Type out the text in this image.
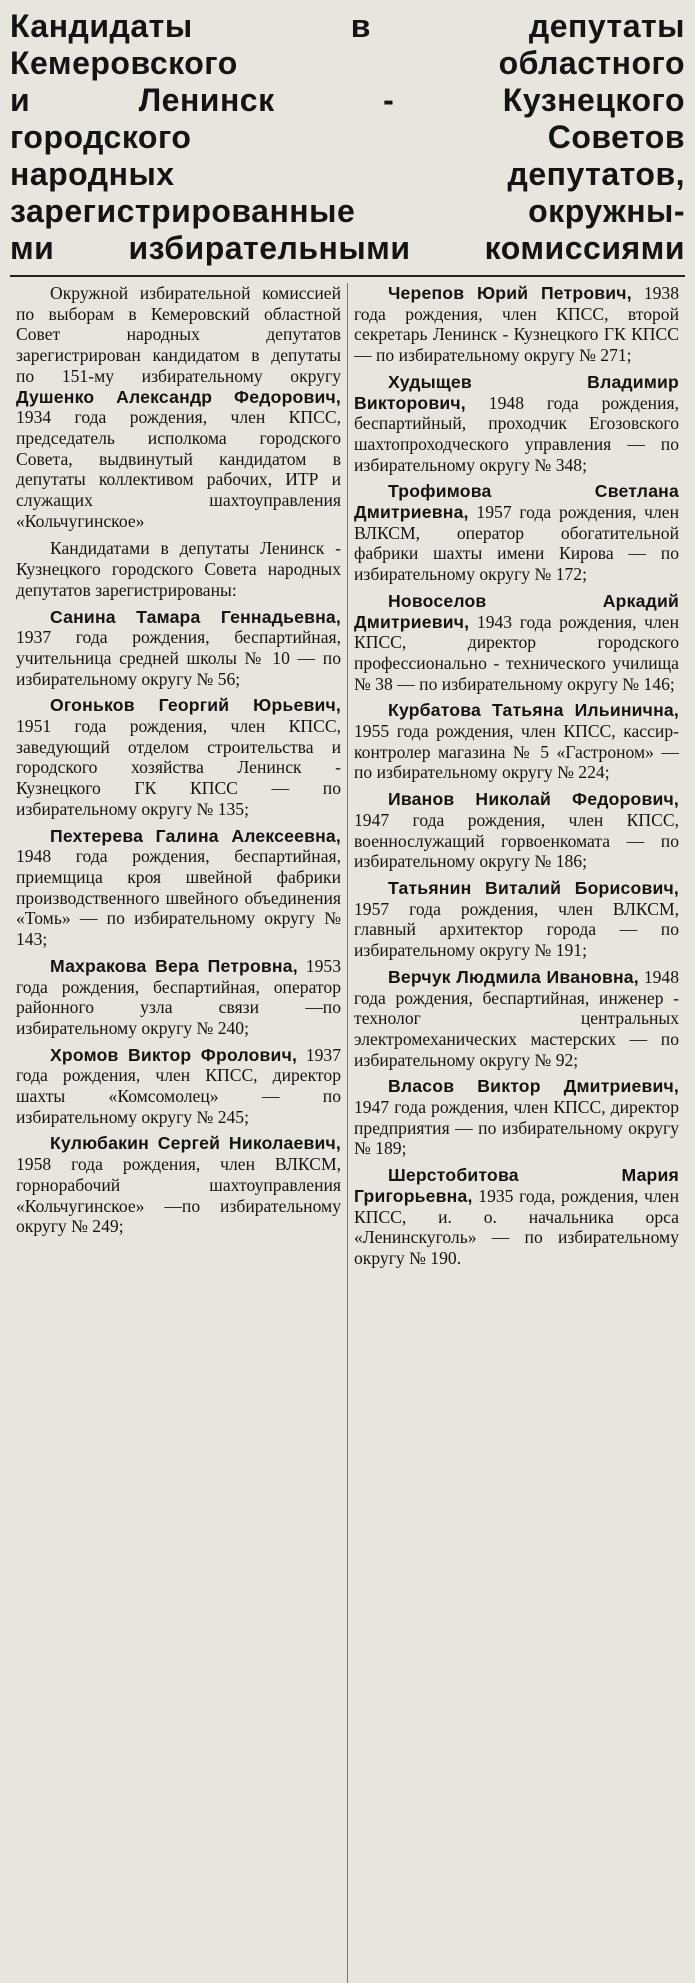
Кандидаты в депутаты
Кемеровского областного
и Ленинск - Кузнецкого
городского Советов
народных депутатов,
зарегистрированные окружны-
ми избирательными комиссиями

Окружной избирательной комиссией по выборам в Кемеровский областной Совет народных депутатов зарегистрирован кандидатом в депутаты по 151-му избирательному округу Душенко Александр Федорович, 1934 года рождения, член КПСС, председатель исполкома городского Совета, выдвинутый кандидатом в депутаты коллективом рабочих, ИТР и служащих шахтоуправления «Кольчугинское»

Кандидатами в депутаты Ленинск - Кузнецкого городского Совета народных депутатов зарегистрированы:

Санина Тамара Геннадьевна, 1937 года рождения, беспартийная, учительница средней школы № 10 — по избирательному округу № 56;

Огоньков Георгий Юрьевич, 1951 года рождения, член КПСС, заведующий отделом строительства и городского хозяйства Ленинск - Кузнецкого ГК КПСС — по избирательному округу № 135;

Пехтерева Галина Алексеевна, 1948 года рождения, беспартийная, приемщица кроя швейной фабрики производственного швейного объединения «Томь» — по избирательному округу № 143;

Махракова Вера Петровна, 1953 года рождения, беспартийная, оператор районного узла связи —по избирательному округу № 240;

Хромов Виктор Фролович, 1937 года рождения, член КПСС, директор шахты «Комсомолец» — по избирательному округу № 245;

Кулюбакин Сергей Николаевич, 1958 года рождения, член ВЛКСМ, горнорабочий шахтоуправления «Кольчугинское» —по избирательному округу № 249;

Черепов Юрий Петрович, 1938 года рождения, член КПСС, второй секретарь Ленинск - Кузнецкого ГК КПСС — по избирательному округу № 271;

Худыщев Владимир Викторович, 1948 года рождения, беспартийный, проходчик Егозовского шахтопроходческого управления — по избирательному округу № 348;

Трофимова Светлана Дмитриевна, 1957 года рождения, член ВЛКСМ, оператор обогатительной фабрики шахты имени Кирова — по избирательному округу № 172;

Новоселов Аркадий Дмитриевич, 1943 года рождения, член КПСС, директор городского профессионально - технического училища № 38 — по избирательному округу № 146;

Курбатова Татьяна Ильинична, 1955 года рождения, член КПСС, кассир-контролер магазина № 5 «Гастроном» — по избирательному округу № 224;

Иванов Николай Федорович, 1947 года рождения, член КПСС, военнослужащий горвоенкомата — по избирательному округу № 186;

Татьянин Виталий Борисович, 1957 года рождения, член ВЛКСМ, главный архитектор города — по избирательному округу № 191;

Верчук Людмила Ивановна, 1948 года рождения, беспартийная, инженер - технолог центральных электромеханических мастерских — по избирательному округу № 92;

Власов Виктор Дмитриевич, 1947 года рождения, член КПСС, директор предприятия — по избирательному округу № 189;

Шерстобитова Мария Григорьевна, 1935 года, рождения, член КПСС, и. о. начальника орса «Ленинскуголь» — по избирательному округу № 190.
